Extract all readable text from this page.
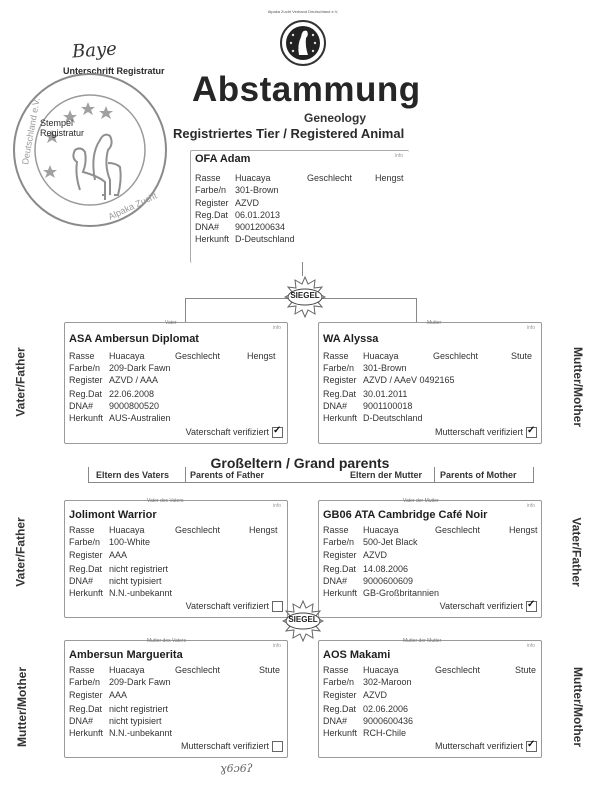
Baye
Unterschrift Registratur
Deutschland e.V.
Alpaka Zucht
Stempel Registratur
Alpaka Zucht Verband Deutschland e.V.
Abstammung
Geneology
Registriertes Tier / Registered Animal
OFA Adam	info
Rasse Huacaya	Geschlecht	Hengst
Farbe/n 301-Brown
Register AZVD
Reg.Dat 06.01.2013
DNA# 9001200634
Herkunft D-Deutschland
SIEGEL
Vater/Father	Mutter/Mother
Vater
info
ASA Ambersun Diplomat
Rasse Huacaya	Geschlecht	Hengst
Farbe/n 209-Dark Fawn
Register AZVD / AAA
Reg.Dat 22.06.2008
DNA# 9000800520
Herkunft AUS-Australien
Vaterschaft verifiziert✓
Mutter
info
WA Alyssa
Rasse Huacaya	Geschlecht	Stute
Farbe/n 301-Brown
Register AZVD / AAeV 0492165
Reg.Dat 30.01.2011
DNA# 9001100018
Herkunft D-Deutschland
Mutterschaft verifiziert✓
Großeltern / Grand parents
Eltern des Vaters Parents of Father	Eltern der Mutter Parents of Mother
Vater/Father	Vater/Father
Vater des Vaters
info
Jolimont Warrior
Rasse Huacaya	Geschlecht	Hengst
Farbe/n 100-White
Register AAA
Reg.Dat nicht registriert
DNA# nicht typisiert
Herkunft N.N.-unbekannt
Vaterschaft verifiziert
Vater der Mutter
info
GB06 ATA Cambridge Café Noir
Rasse Huacaya	Geschlecht	Hengst
Farbe/n 500-Jet Black
Register AZVD
Reg.Dat 14.08.2006
DNA# 9000600609
Herkunft GB-Großbritannien
Vaterschaft verifiziert✓
SIEGEL
Mutter/Mother	Mutter/Mother
Mutter des Vaters
info
Ambersun Marguerita
Rasse Huacaya	Geschlecht	Stute
Farbe/n 209-Dark Fawn
Register AAA
Reg.Dat nicht registriert
DNA# nicht typisiert
Herkunft N.N.-unbekannt
Mutterschaft verifiziert
Mutter der Mutter
info
AOS Makami
Rasse Huacaya	Geschlecht	Stute
Farbe/n 302-Maroon
Register AZVD
Reg.Dat 02.06.2006
DNA# 9000600436
Herkunft RCH-Chile
Mutterschaft verifiziert✓
ɣ6ɔ6ʔ
